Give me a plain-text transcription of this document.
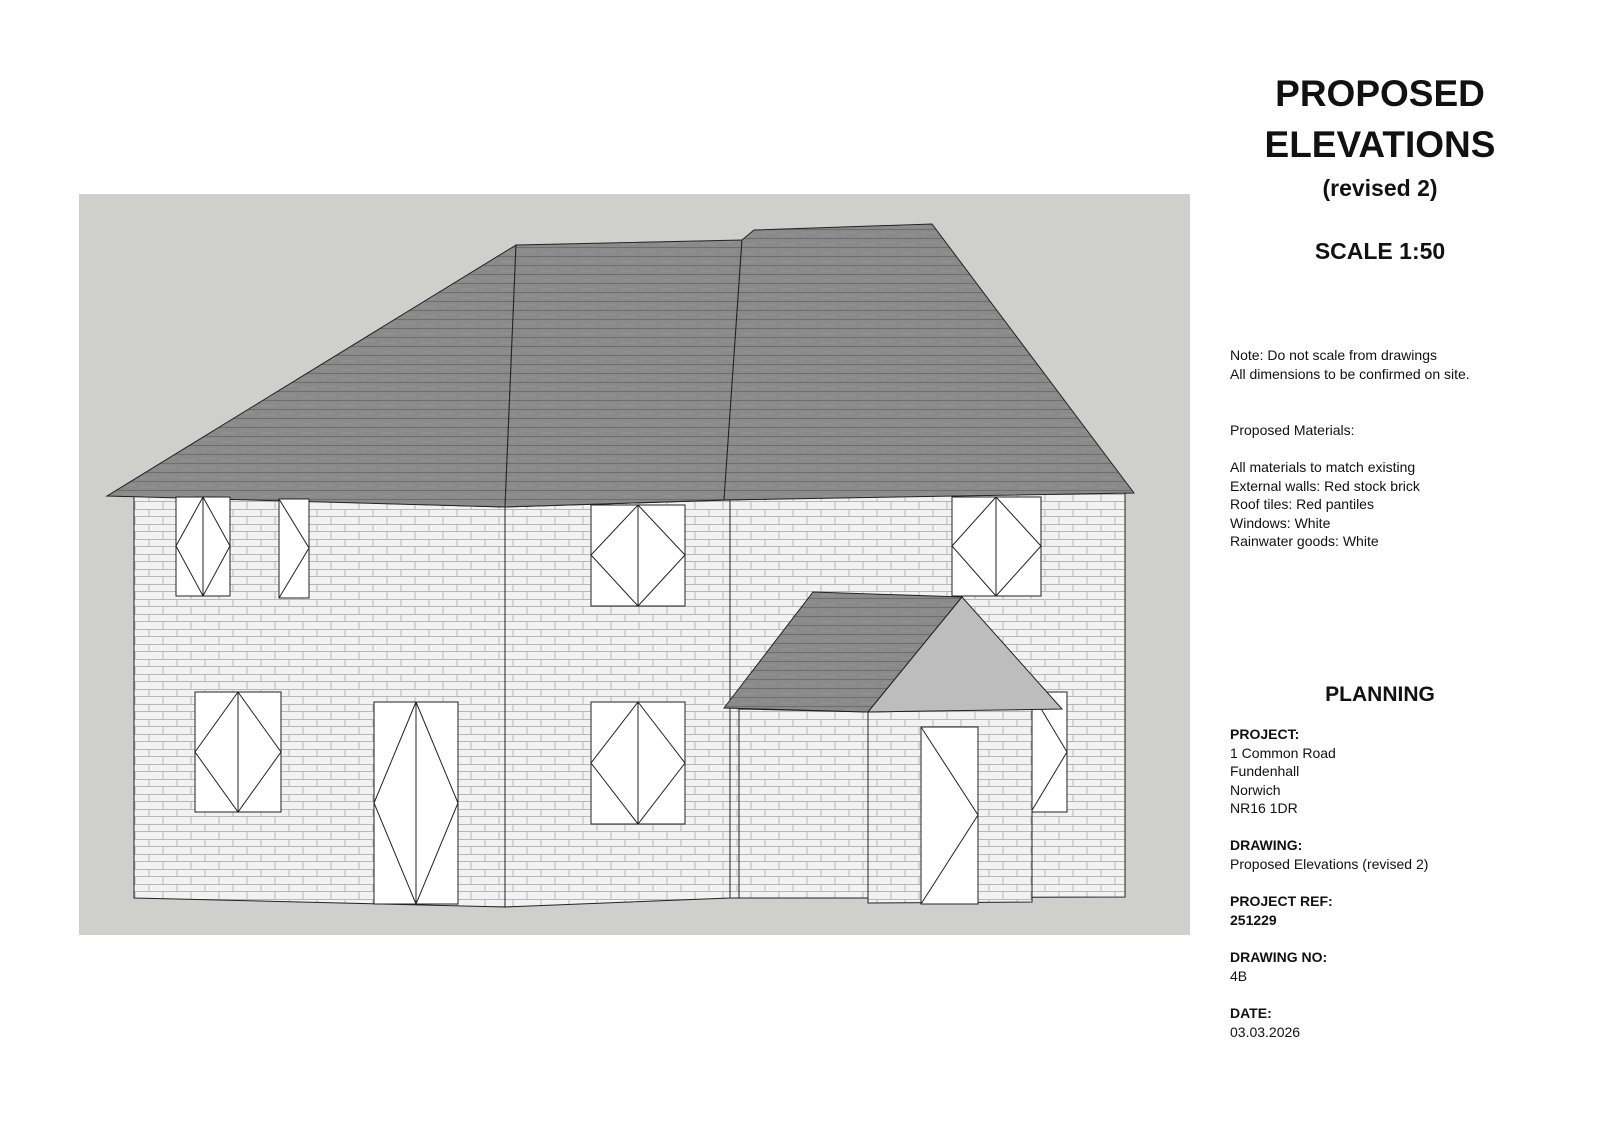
PROPOSED
ELEVATIONS
(revised 2)
SCALE 1:50
Note: Do not scale from drawings
All dimensions to be confirmed on site.
Proposed Materials:
All materials to match existing
External walls: Red stock brick
Roof tiles: Red pantiles
Windows: White
Rainwater goods: White
PLANNING
PROJECT:
1 Common Road
Fundenhall
Norwich
NR16 1DR
DRAWING:
Proposed Elevations (revised 2)
PROJECT REF:
251229
DRAWING NO:
4B
DATE:
03.03.2026
